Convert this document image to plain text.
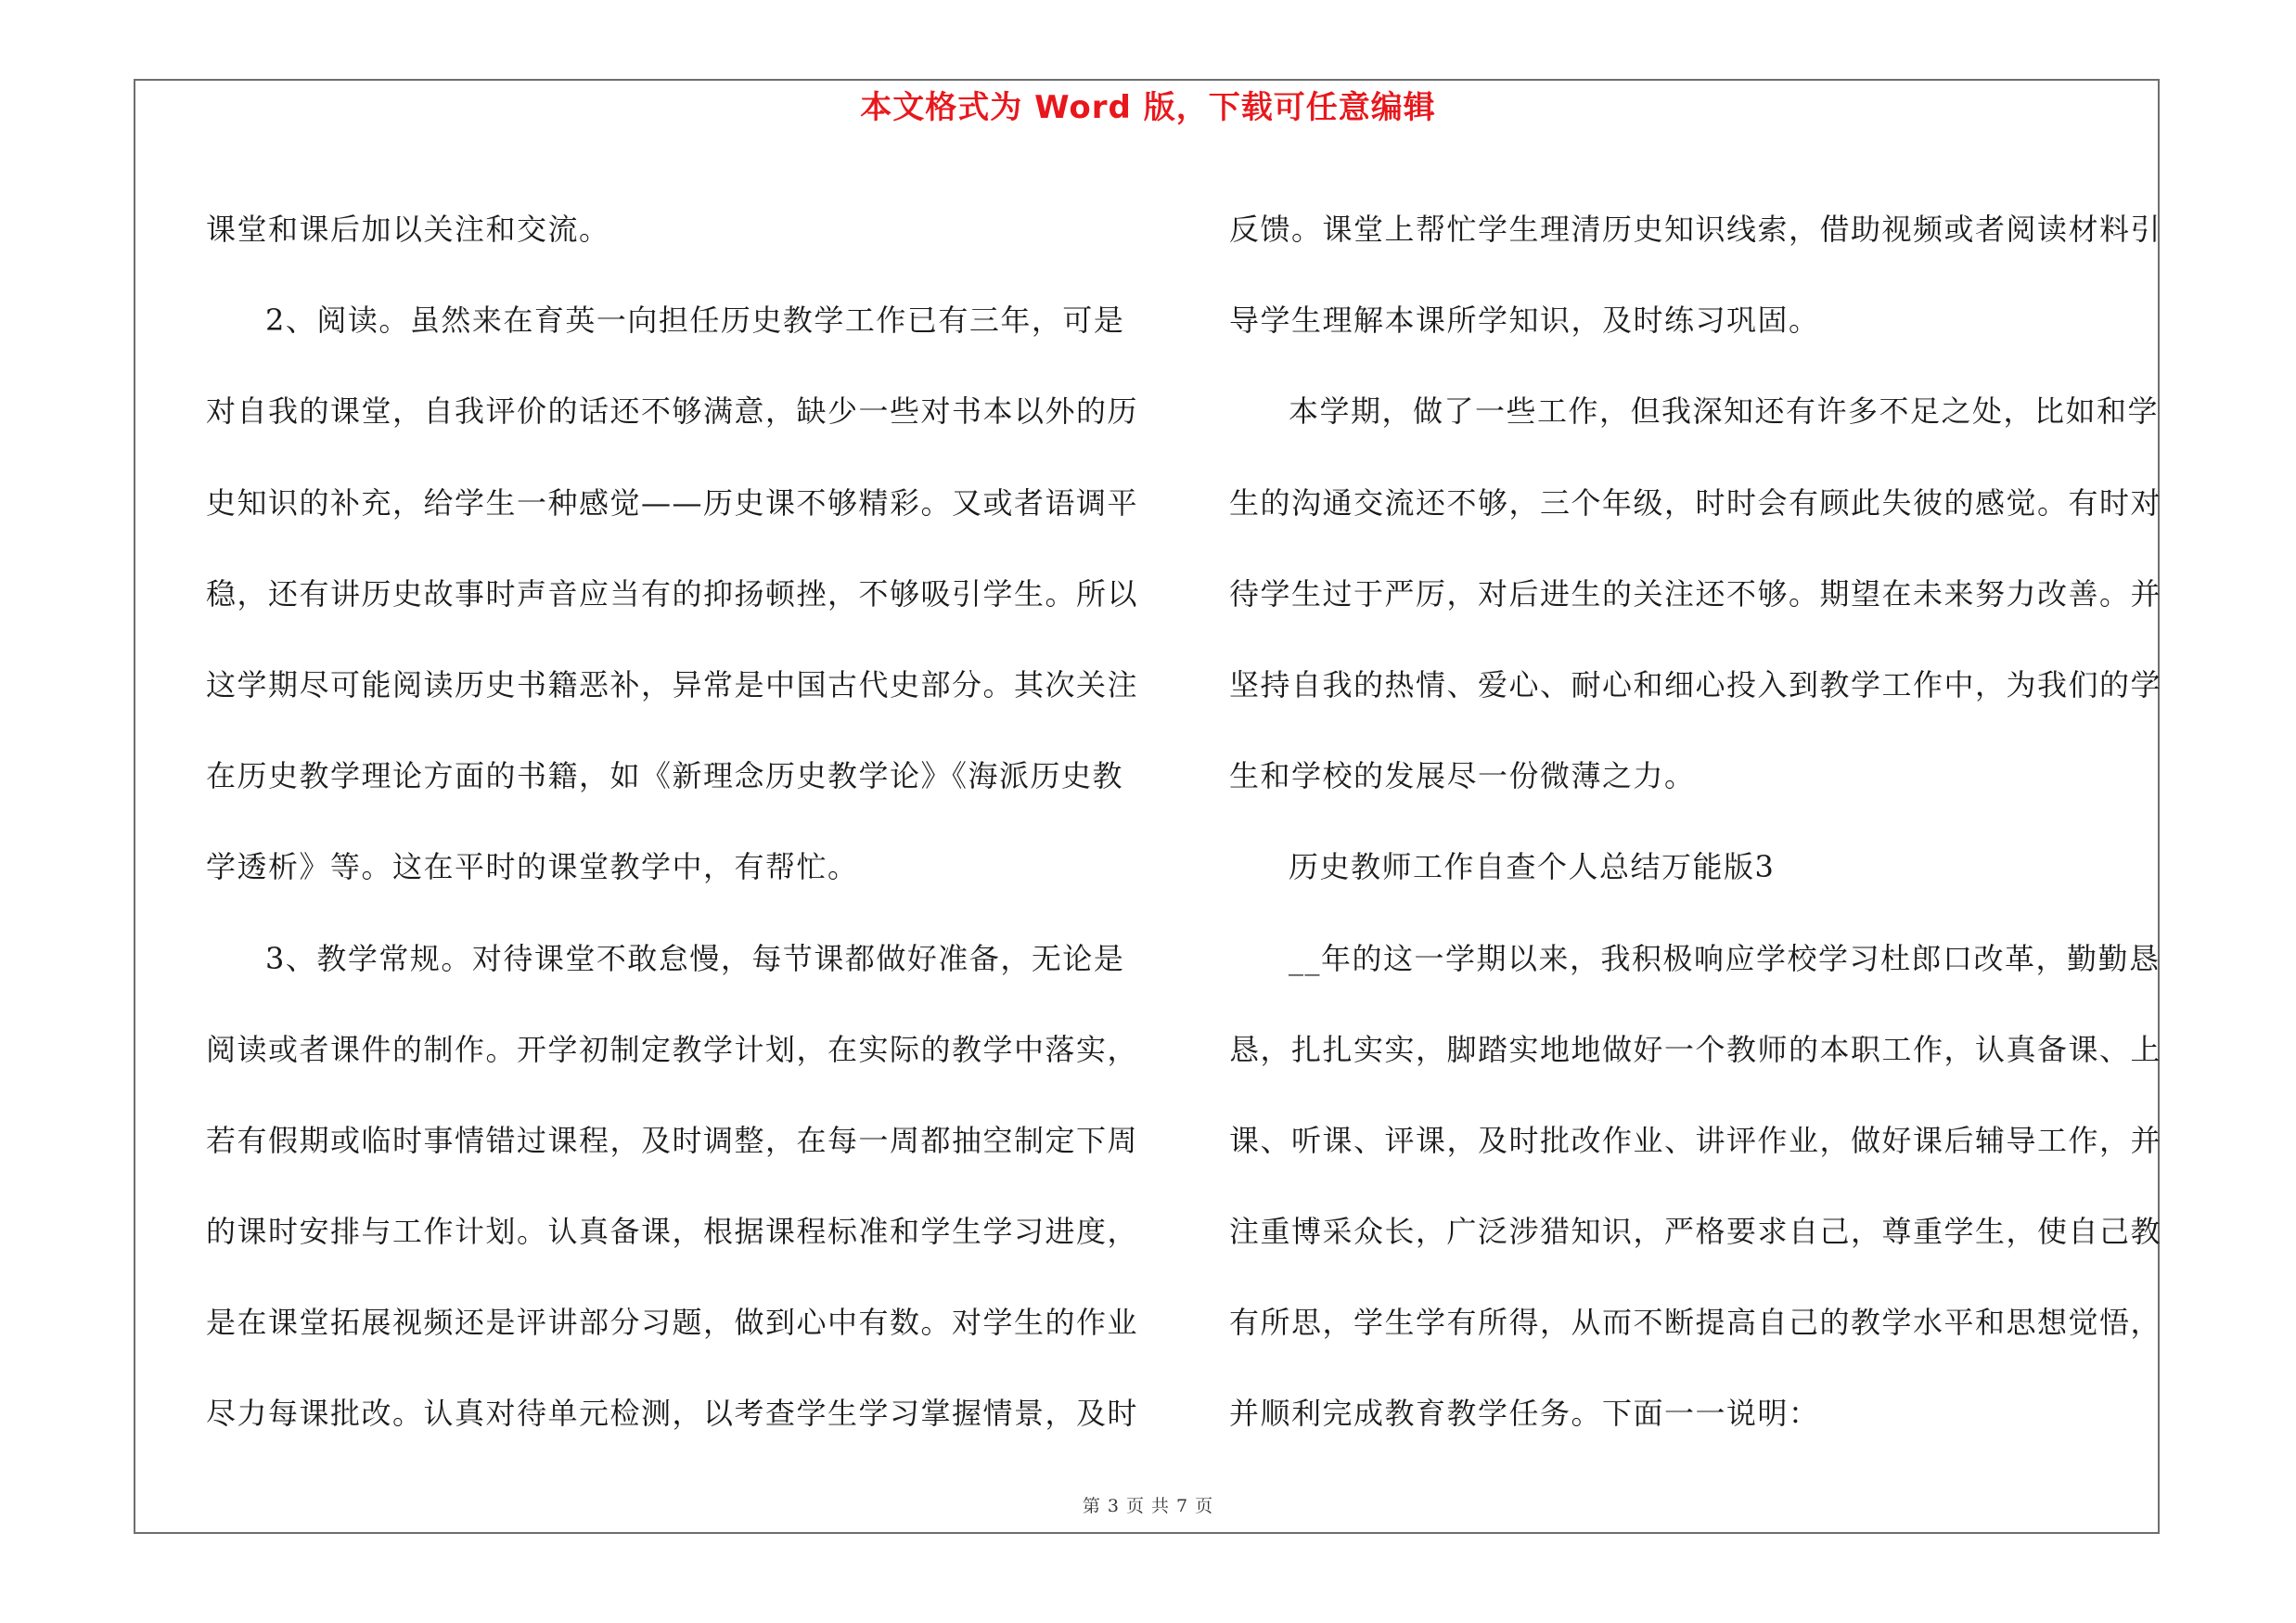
本文格式为 Word 版，下载可任意编辑
课堂和课后加以关注和交流。
2、阅读。虽然来在育英一向担任历史教学工作已有三年，可是
对自我的课堂，自我评价的话还不够满意，缺少一些对书本以外的历
史知识的补充，给学生一种感觉——历史课不够精彩。又或者语调平
稳，还有讲历史故事时声音应当有的抑扬顿挫，不够吸引学生。所以
这学期尽可能阅读历史书籍恶补，异常是中国古代史部分。其次关注
在历史教学理论方面的书籍，如《新理念历史教学论》《海派历史教
学透析》等。这在平时的课堂教学中，有帮忙。
3、教学常规。对待课堂不敢怠慢，每节课都做好准备，无论是
阅读或者课件的制作。开学初制定教学计划，在实际的教学中落实，
若有假期或临时事情错过课程，及时调整，在每一周都抽空制定下周
的课时安排与工作计划。认真备课，根据课程标准和学生学习进度，
是在课堂拓展视频还是评讲部分习题，做到心中有数。对学生的作业
尽力每课批改。认真对待单元检测，以考查学生学习掌握情景，及时
反馈。课堂上帮忙学生理清历史知识线索，借助视频或者阅读材料引
导学生理解本课所学知识，及时练习巩固。
本学期，做了一些工作，但我深知还有许多不足之处，比如和学
生的沟通交流还不够，三个年级，时时会有顾此失彼的感觉。有时对
待学生过于严厉，对后进生的关注还不够。期望在未来努力改善。并
坚持自我的热情、爱心、耐心和细心投入到教学工作中，为我们的学
生和学校的发展尽一份微薄之力。
历史教师工作自查个人总结万能版3
__年的这一学期以来，我积极响应学校学习杜郎口改革，勤勤恳
恳，扎扎实实，脚踏实地地做好一个教师的本职工作，认真备课、上
课、听课、评课，及时批改作业、讲评作业，做好课后辅导工作，并
注重博采众长，广泛涉猎知识，严格要求自己，尊重学生，使自己教
有所思，学生学有所得，从而不断提高自己的教学水平和思想觉悟，
并顺利完成教育教学任务。下面一一说明：
第 3 页 共 7 页
